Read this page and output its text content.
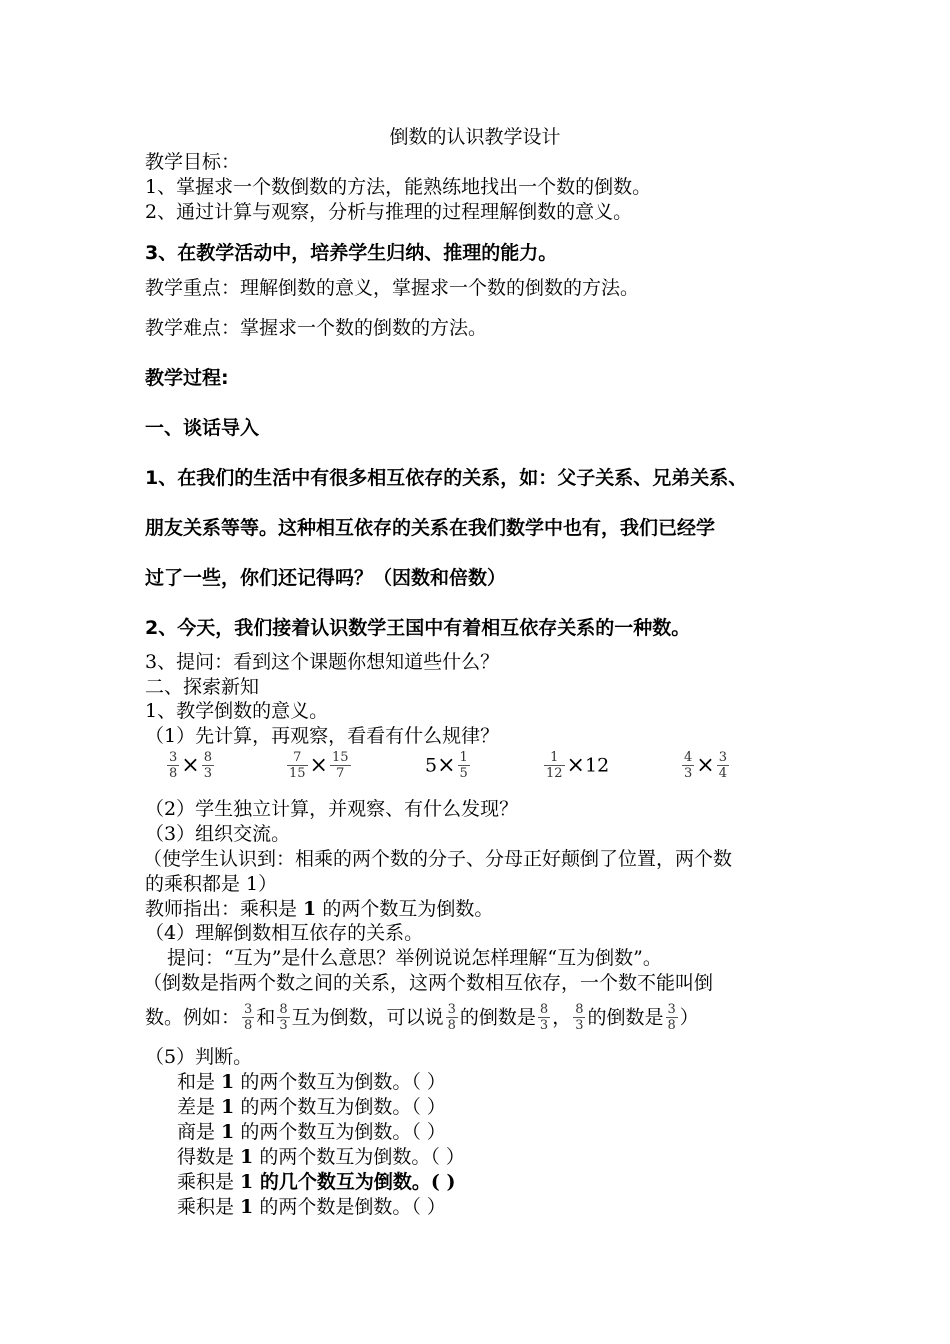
倒数的认识教学设计
教学目标：
1、掌握求一个数倒数的方法，能熟练地找出一个数的倒数。
2、通过计算与观察，分析与推理的过程理解倒数的意义。
3、在教学活动中，培养学生归纳、推理的能力。
教学重点：理解倒数的意义，掌握求一个数的倒数的方法。
教学难点：掌握求一个数的倒数的方法。
教学过程:
一、谈话导入
1、在我们的生活中有很多相互依存的关系，如：父子关系、兄弟关系、
朋友关系等等。这种相互依存的关系在我们数学中也有，我们已经学
过了一些，你们还记得吗？（因数和倍数）
2、今天，我们接着认识数学王国中有着相互依存关系的一种数。
3、提问：看到这个课题你想知道些什么？
二、探索新知
1、教学倒数的意义。
（1）先计算，再观察，看看有什么规律？
$\frac{3}{8} \times \frac{8}{3}$	$\frac{7}{15} \times \frac{15}{7}$	$5\times \frac{1}{5}$	$\frac{1}{12} \times 12$	$\frac{4}{3} \times \frac{3}{4}$
（2）学生独立计算，并观察、有什么发现？
（3）组织交流。
（使学生认识到：相乘的两个数的分子、分母正好颠倒了位置，两个数
的乘积都是 1）
教师指出：乘积是 1 的两个数互为倒数。
（4）理解倒数相互依存的关系。
提问：“互为”是什么意思？举例说说怎样理解“互为倒数”。
（倒数是指两个数之间的关系，这两个数相互依存，一个数不能叫倒
数。例如： $\frac{3}{8}$ 和 $\frac{8}{3}$ 互为倒数，可以说 $\frac{3}{8}$ 的倒数是 $\frac{8}{3}$ ， $\frac{8}{3}$ 的倒数是 $\frac{3}{8}$ ）
（5）判断。
和是 1 的两个数互为倒数。（ ）
差是 1 的两个数互为倒数。（ ）
商是 1 的两个数互为倒数。（ ）
得数是 1 的两个数互为倒数。（ ）
乘积是 1 的几个数互为倒数。( )
乘积是 1 的两个数是倒数。（ ）
